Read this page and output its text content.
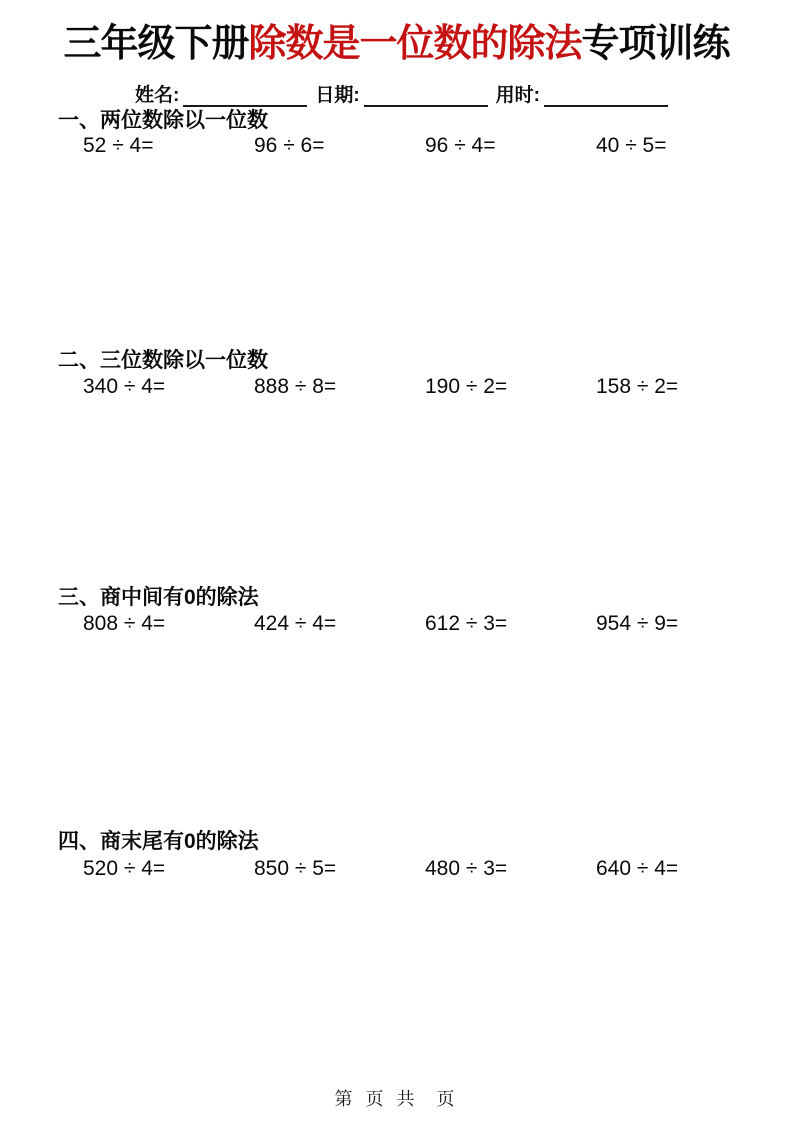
三年级下册除数是一位数的除法专项训练
姓名:	日期:	用时:
一、两位数除以一位数
52 ÷ 4=	96 ÷ 6=	96 ÷ 4=	40 ÷ 5=
二、三位数除以一位数
340 ÷ 4=	888 ÷ 8=	190 ÷ 2=	158 ÷ 2=
三、商中间有0的除法
808 ÷ 4=	424 ÷ 4=	612 ÷ 3=	954 ÷ 9=
四、商末尾有0的除法
520 ÷ 4=	850 ÷ 5=	480 ÷ 3=	640 ÷ 4=
第 页 共  页
